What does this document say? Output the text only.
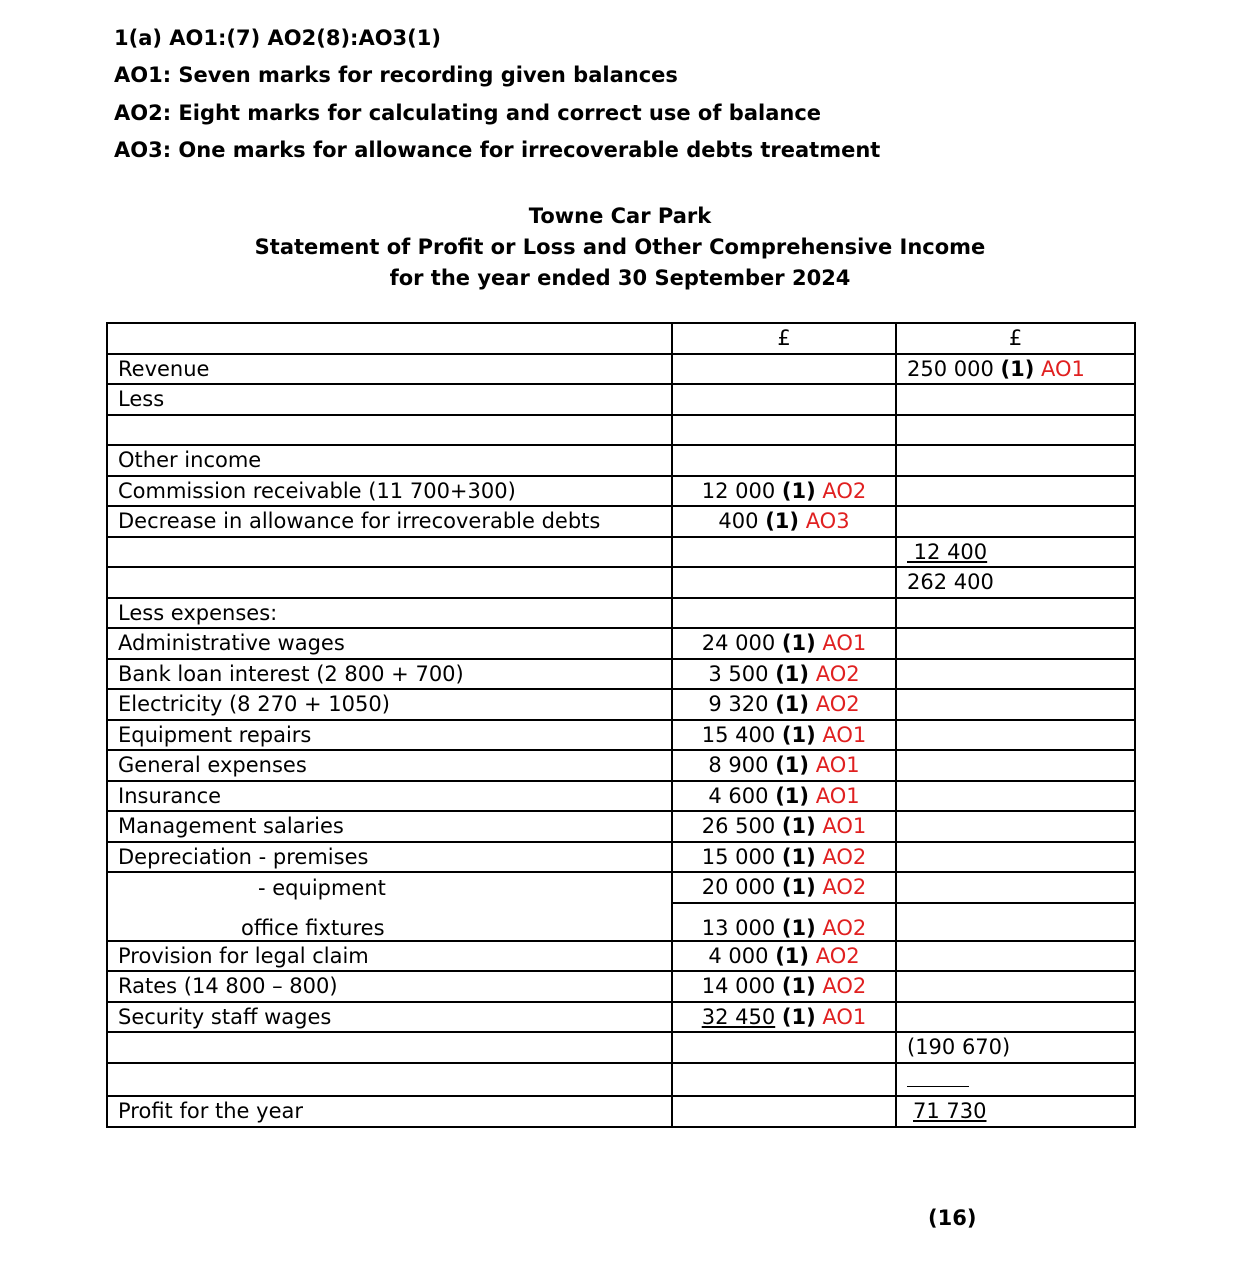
1(a) AO1:(7) AO2(8):AO3(1)
AO1: Seven marks for recording given balances
AO2: Eight marks for calculating and correct use of balance
AO3: One marks for allowance for irrecoverable debts treatment
Towne Car Park
Statement of Profit or Loss and Other Comprehensive Income
for the year ended 30 September 2024
	£	£
Revenue		250 000 (1) AO1
Less		

Other income		
Commission receivable (11 700+300)	12 000 (1) AO2	
Decrease in allowance for irrecoverable debts	400 (1) AO3	
		12 400
		262 400
Less expenses:		
Administrative wages	24 000 (1) AO1	
Bank loan interest (2 800 + 700)	3 500 (1) AO2	
Electricity (8 270 + 1050)	9 320 (1) AO2	
Equipment repairs	15 400 (1) AO1	
General expenses	8 900 (1) AO1	
Insurance	4 600 (1) AO1	
Management salaries	26 500 (1) AO1	
Depreciation - premises	15 000 (1) AO2	
- equipment	20 000 (1) AO2	
office fixtures	13 000 (1) AO2	
Provision for legal claim	4 000 (1) AO2	
Rates (14 800 – 800)	14 000 (1) AO2	
Security staff wages	32 450 (1) AO1	
		(190 670)

Profit for the year		71 730
(16)
